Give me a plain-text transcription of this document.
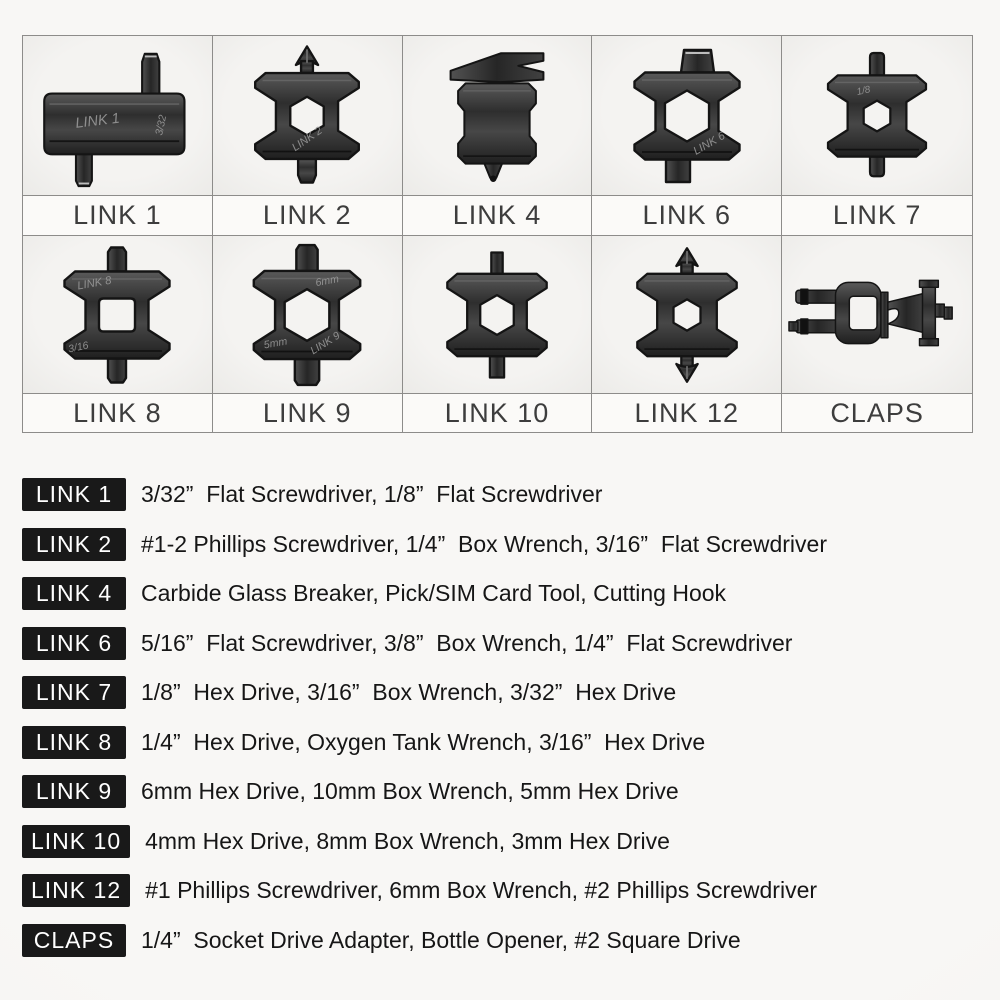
LINK 1	3/32	LINK 2	LINK 6
1/8
LINK 1	LINK 2	LINK 4	LINK 6	LINK 7
LINK 8
3/16
6mm
5mm	LINK 9
LINK 8	LINK 9	LINK 10	LINK 12	CLAPS
LINK 1	3/32”  Flat Screwdriver, 1/8”  Flat Screwdriver
LINK 2	#1-2 Phillips Screwdriver, 1/4”  Box Wrench, 3/16”  Flat Screwdriver
LINK 4	Carbide Glass Breaker, Pick/SIM Card Tool, Cutting Hook
LINK 6	5/16”  Flat Screwdriver, 3/8”  Box Wrench, 1/4”  Flat Screwdriver
LINK 7	1/8”  Hex Drive, 3/16”  Box Wrench, 3/32”  Hex Drive
LINK 8	1/4”  Hex Drive, Oxygen Tank Wrench, 3/16”  Hex Drive
LINK 9	6mm Hex Drive, 10mm Box Wrench, 5mm Hex Drive
LINK 10	4mm Hex Drive, 8mm Box Wrench, 3mm Hex Drive
LINK 12	#1 Phillips Screwdriver, 6mm Box Wrench, #2 Phillips Screwdriver
CLAPS	1/4”  Socket Drive Adapter, Bottle Opener, #2 Square Drive
